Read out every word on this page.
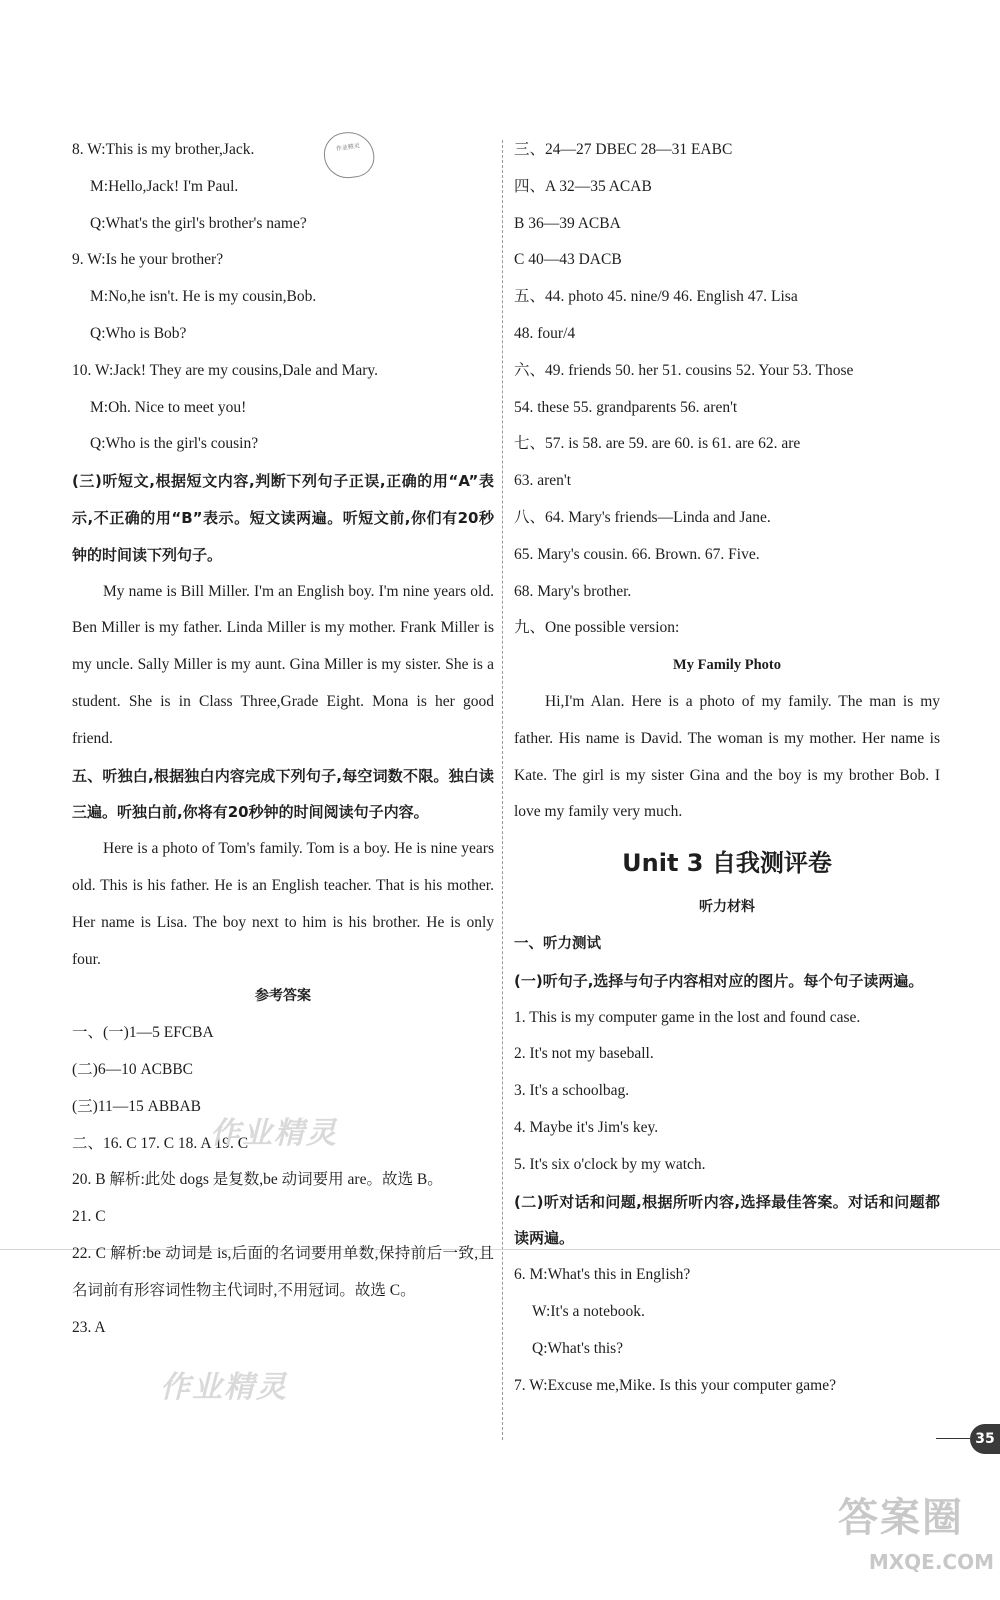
8. W:This is my brother,Jack.
M:Hello,Jack! I'm Paul.
Q:What's the girl's brother's name?
9. W:Is he your brother?
M:No,he isn't. He is my cousin,Bob.
Q:Who is Bob?
10. W:Jack! They are my cousins,Dale and Mary.
M:Oh. Nice to meet you!
Q:Who is the girl's cousin?
(三)听短文,根据短文内容,判断下列句子正误,正确的用“A”表示,不正确的用“B”表示。短文读两遍。听短文前,你们有20秒钟的时间读下列句子。
My name is Bill Miller. I'm an English boy. I'm nine years old. Ben Miller is my father. Linda Miller is my mother. Frank Miller is my uncle. Sally Miller is my aunt. Gina Miller is my sister. She is a student. She is in Class Three,Grade Eight. Mona is her good friend.
五、听独白,根据独白内容完成下列句子,每空词数不限。独白读三遍。听独白前,你将有20秒钟的时间阅读句子内容。
Here is a photo of Tom's family. Tom is a boy. He is nine years old. This is his father. He is an English teacher. That is his mother. Her name is Lisa. The boy next to him is his brother. He is only four.
参考答案
一、(一)1—5 EFCBA
(二)6—10 ACBBC
(三)11—15 ABBAB
二、16. C 17. C 18. A 19. C
20. B 解析:此处 dogs 是复数,be 动词要用 are。故选 B。
21. C
22. C 解析:be 动词是 is,后面的名词要用单数,保持前后一致,且名词前有形容词性物主代词时,不用冠词。故选 C。
23. A
三、24—27 DBEC 28—31 EABC
四、A 32—35 ACAB
B 36—39 ACBA
C 40—43 DACB
五、44. photo 45. nine/9 46. English 47. Lisa
48. four/4
六、49. friends 50. her 51. cousins 52. Your 53. Those
54. these 55. grandparents 56. aren't
七、57. is 58. are 59. are 60. is 61. are 62. are
63. aren't
八、64. Mary's friends—Linda and Jane.
65. Mary's cousin. 66. Brown. 67. Five.
68. Mary's brother.
九、One possible version:
My Family Photo
Hi,I'm Alan. Here is a photo of my family. The man is my father. His name is David. The woman is my mother. Her name is Kate. The girl is my sister Gina and the boy is my brother Bob. I love my family very much.
Unit 3 自我测评卷
听力材料
一、听力测试
(一)听句子,选择与句子内容相对应的图片。每个句子读两遍。
1. This is my computer game in the lost and found case.
2. It's not my baseball.
3. It's a schoolbag.
4. Maybe it's Jim's key.
5. It's six o'clock by my watch.
(二)听对话和问题,根据所听内容,选择最佳答案。对话和问题都读两遍。
6. M:What's this in English?
W:It's a notebook.
Q:What's this?
7. W:Excuse me,Mike. Is this your computer game?
作业精灵
作业精灵
作业精灵
35
答案圈
MXQE.COM
